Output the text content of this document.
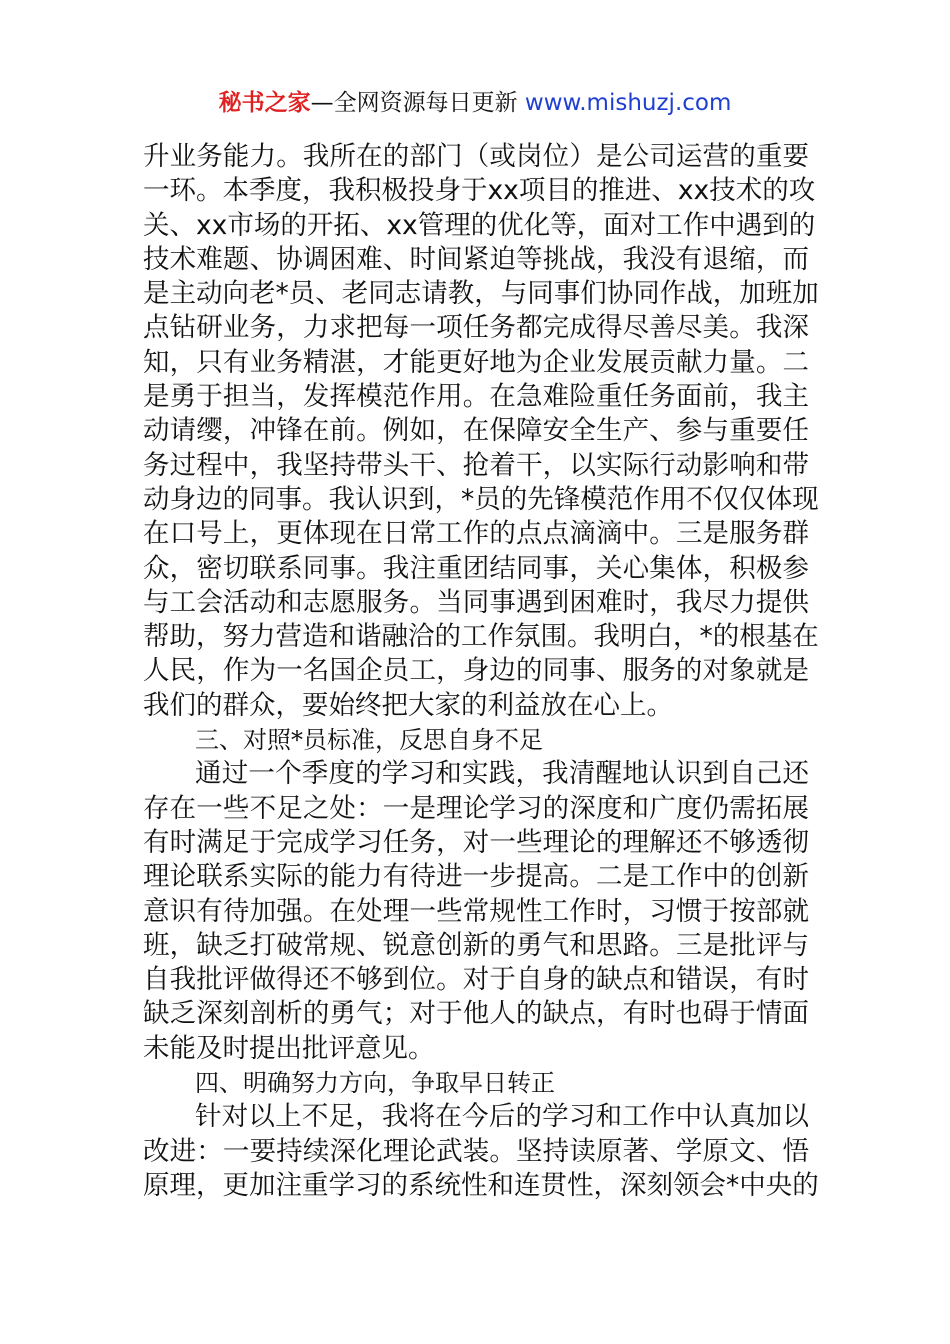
秘书之家—全网资源每日更新 www.mishuzj.com
升业务能力。我所在的部门（或岗位）是公司运营的重要
一环。本季度，我积极投身于xx项目的推进、xx技术的攻
关、xx市场的开拓、xx管理的优化等，面对工作中遇到的
技术难题、协调困难、时间紧迫等挑战，我没有退缩，而
是主动向老*员、老同志请教，与同事们协同作战，加班加
点钻研业务，力求把每一项任务都完成得尽善尽美。我深
知，只有业务精湛，才能更好地为企业发展贡献力量。二
是勇于担当，发挥模范作用。在急难险重任务面前，我主
动请缨，冲锋在前。例如，在保障安全生产、参与重要任
务过程中，我坚持带头干、抢着干，以实际行动影响和带
动身边的同事。我认识到，*员的先锋模范作用不仅仅体现
在口号上，更体现在日常工作的点点滴滴中。三是服务群
众，密切联系同事。我注重团结同事，关心集体，积极参
与工会活动和志愿服务。当同事遇到困难时，我尽力提供
帮助，努力营造和谐融洽的工作氛围。我明白，*的根基在
人民，作为一名国企员工，身边的同事、服务的对象就是
我们的群众，要始终把大家的利益放在心上。
三、对照*员标准，反思自身不足
通过一个季度的学习和实践，我清醒地认识到自己还
存在一些不足之处：一是理论学习的深度和广度仍需拓展
有时满足于完成学习任务，对一些理论的理解还不够透彻
理论联系实际的能力有待进一步提高。二是工作中的创新
意识有待加强。在处理一些常规性工作时，习惯于按部就
班，缺乏打破常规、锐意创新的勇气和思路。三是批评与
自我批评做得还不够到位。对于自身的缺点和错误，有时
缺乏深刻剖析的勇气；对于他人的缺点，有时也碍于情面
未能及时提出批评意见。
四、明确努力方向，争取早日转正
针对以上不足，我将在今后的学习和工作中认真加以
改进：一要持续深化理论武装。坚持读原著、学原文、悟
原理，更加注重学习的系统性和连贯性，深刻领会*中央的
